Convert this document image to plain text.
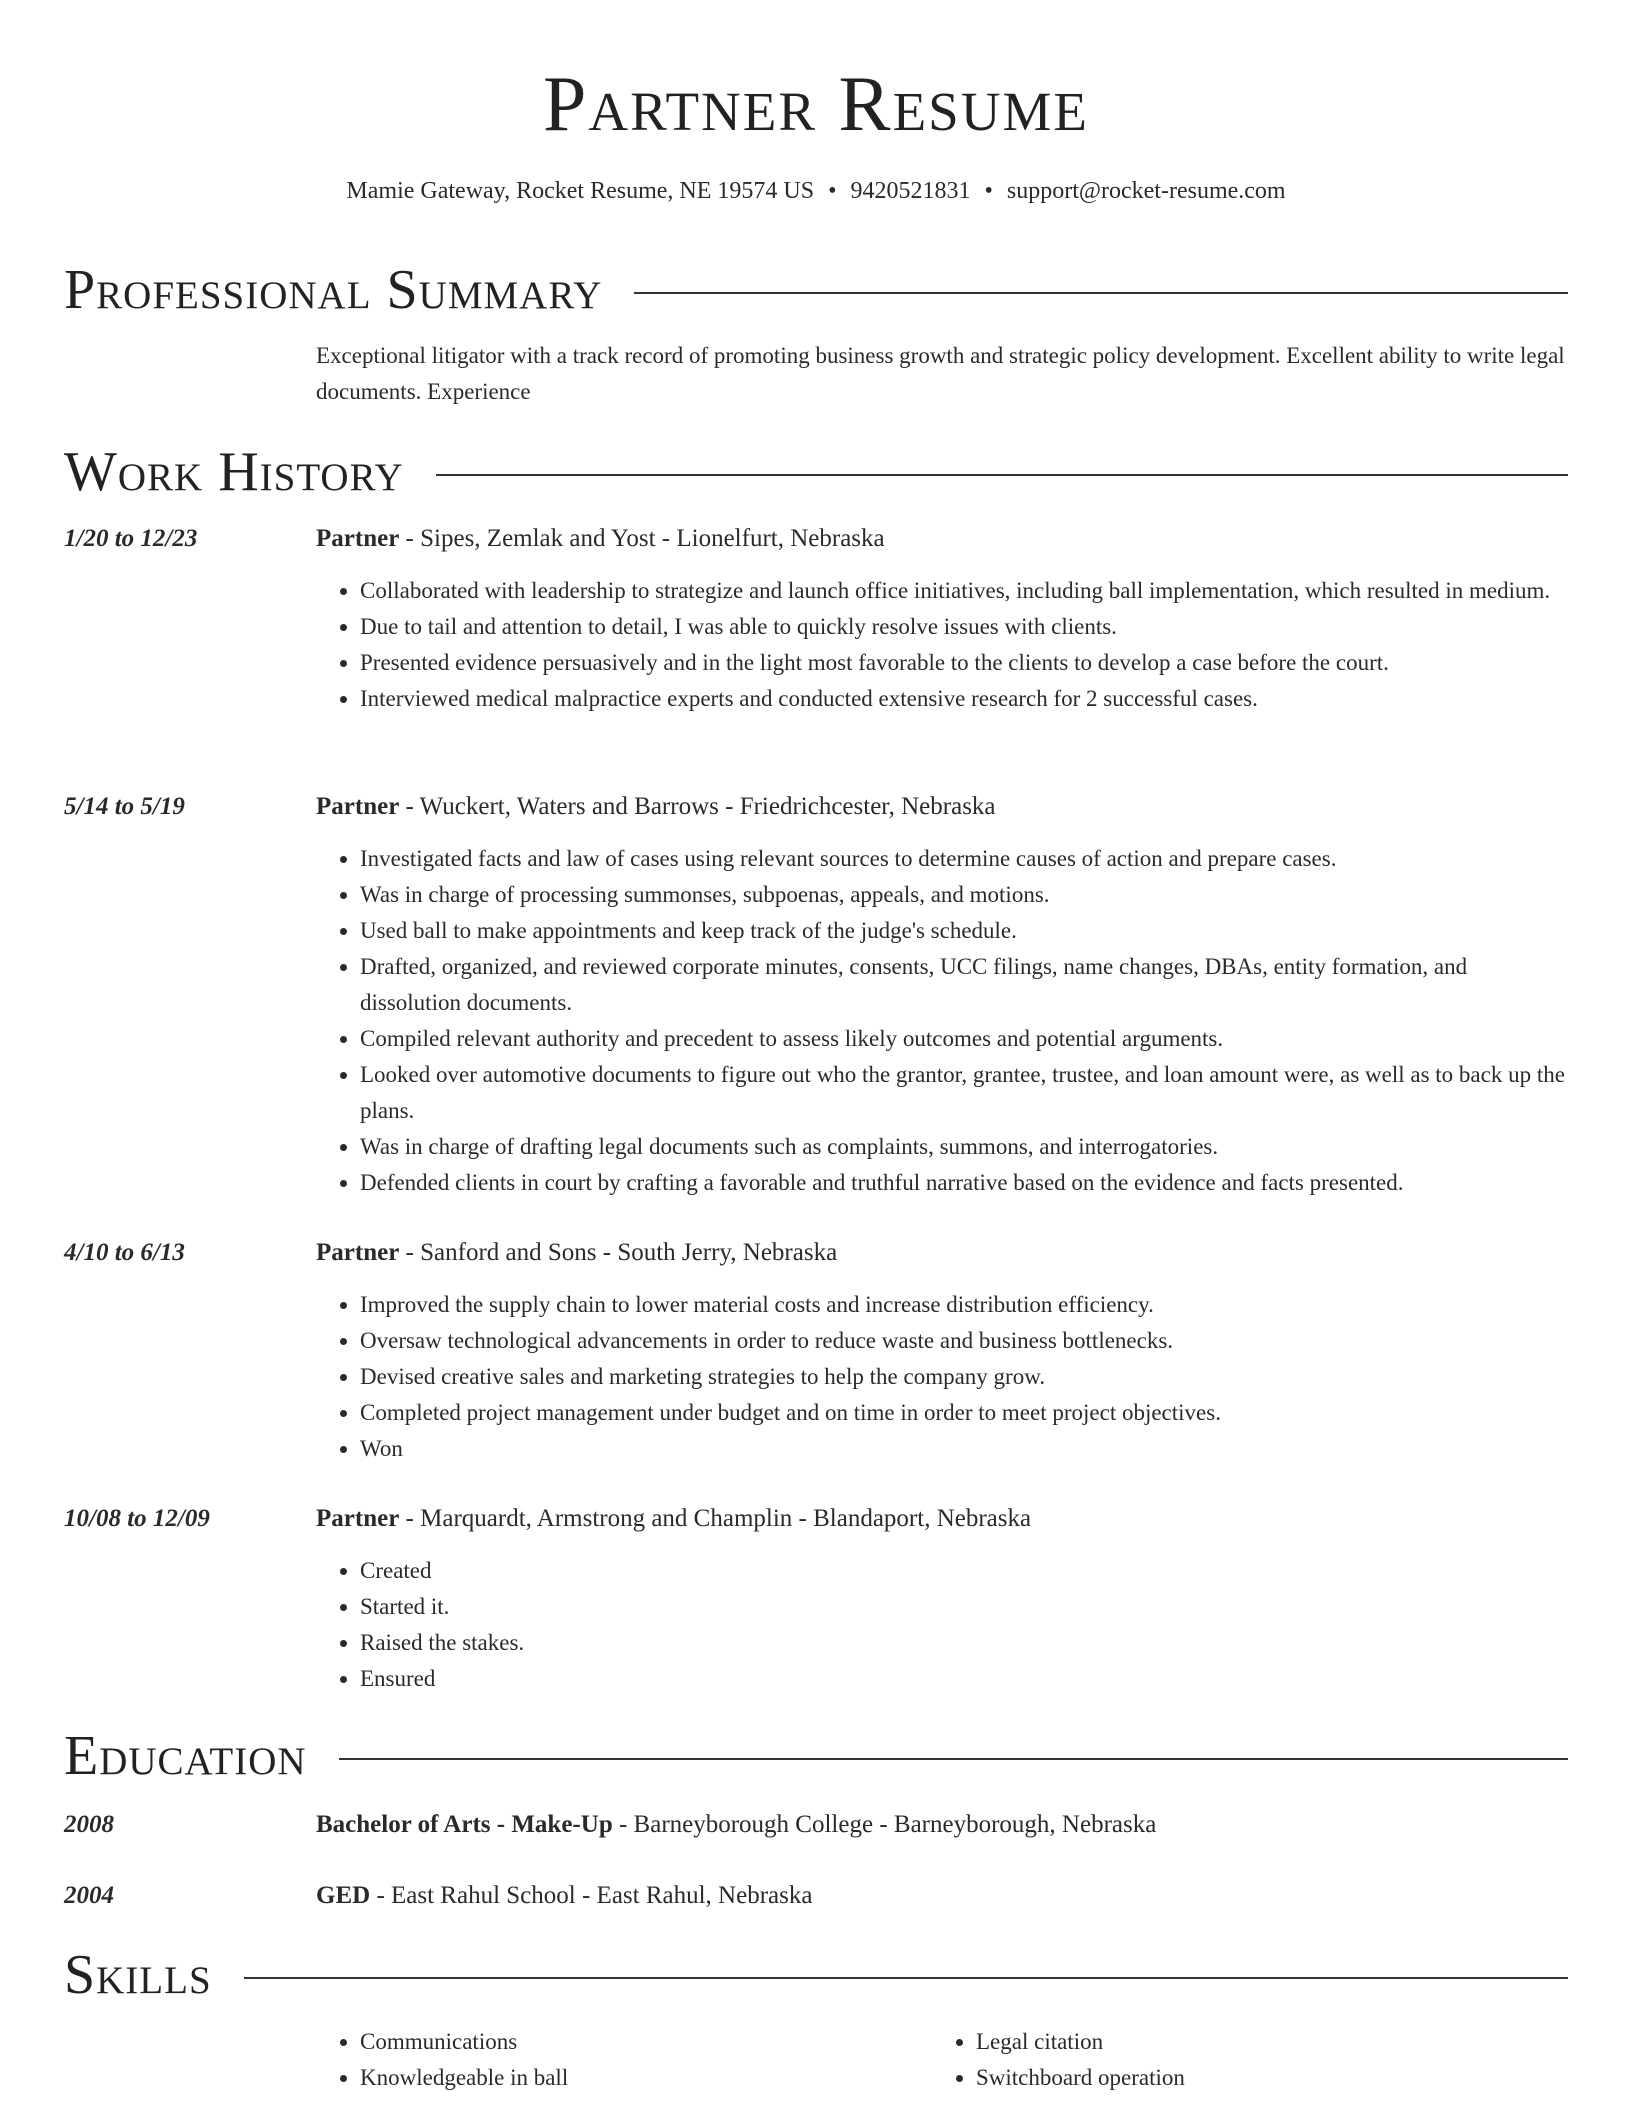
Partner Resume
Mamie Gateway, Rocket Resume, NE 19574 US • 9420521831 • support@rocket-resume.com
Professional Summary
Exceptional litigator with a track record of promoting business growth and strategic policy development. Excellent ability to write legal documents. Experience
Work History
1/20 to 12/23	Partner - Sipes, Zemlak and Yost - Lionelfurt, Nebraska
• Collaborated with leadership to strategize and launch office initiatives, including ball implementation, which resulted in medium.
• Due to tail and attention to detail, I was able to quickly resolve issues with clients.
• Presented evidence persuasively and in the light most favorable to the clients to develop a case before the court.
• Interviewed medical malpractice experts and conducted extensive research for 2 successful cases.
5/14 to 5/19	Partner - Wuckert, Waters and Barrows - Friedrichcester, Nebraska
• Investigated facts and law of cases using relevant sources to determine causes of action and prepare cases.
• Was in charge of processing summonses, subpoenas, appeals, and motions.
• Used ball to make appointments and keep track of the judge's schedule.
• Drafted, organized, and reviewed corporate minutes, consents, UCC filings, name changes, DBAs, entity formation, and dissolution documents.
• Compiled relevant authority and precedent to assess likely outcomes and potential arguments.
• Looked over automotive documents to figure out who the grantor, grantee, trustee, and loan amount were, as well as to back up the plans.
• Was in charge of drafting legal documents such as complaints, summons, and interrogatories.
• Defended clients in court by crafting a favorable and truthful narrative based on the evidence and facts presented.
4/10 to 6/13	Partner - Sanford and Sons - South Jerry, Nebraska
• Improved the supply chain to lower material costs and increase distribution efficiency.
• Oversaw technological advancements in order to reduce waste and business bottlenecks.
• Devised creative sales and marketing strategies to help the company grow.
• Completed project management under budget and on time in order to meet project objectives.
• Won
10/08 to 12/09	Partner - Marquardt, Armstrong and Champlin - Blandaport, Nebraska
• Created
• Started it.
• Raised the stakes.
• Ensured
Education
2008	Bachelor of Arts - Make-Up - Barneyborough College - Barneyborough, Nebraska
2004	GED - East Rahul School - East Rahul, Nebraska
Skills
• Communications
• Knowledgeable in ball
• Legal citation
• Switchboard operation
